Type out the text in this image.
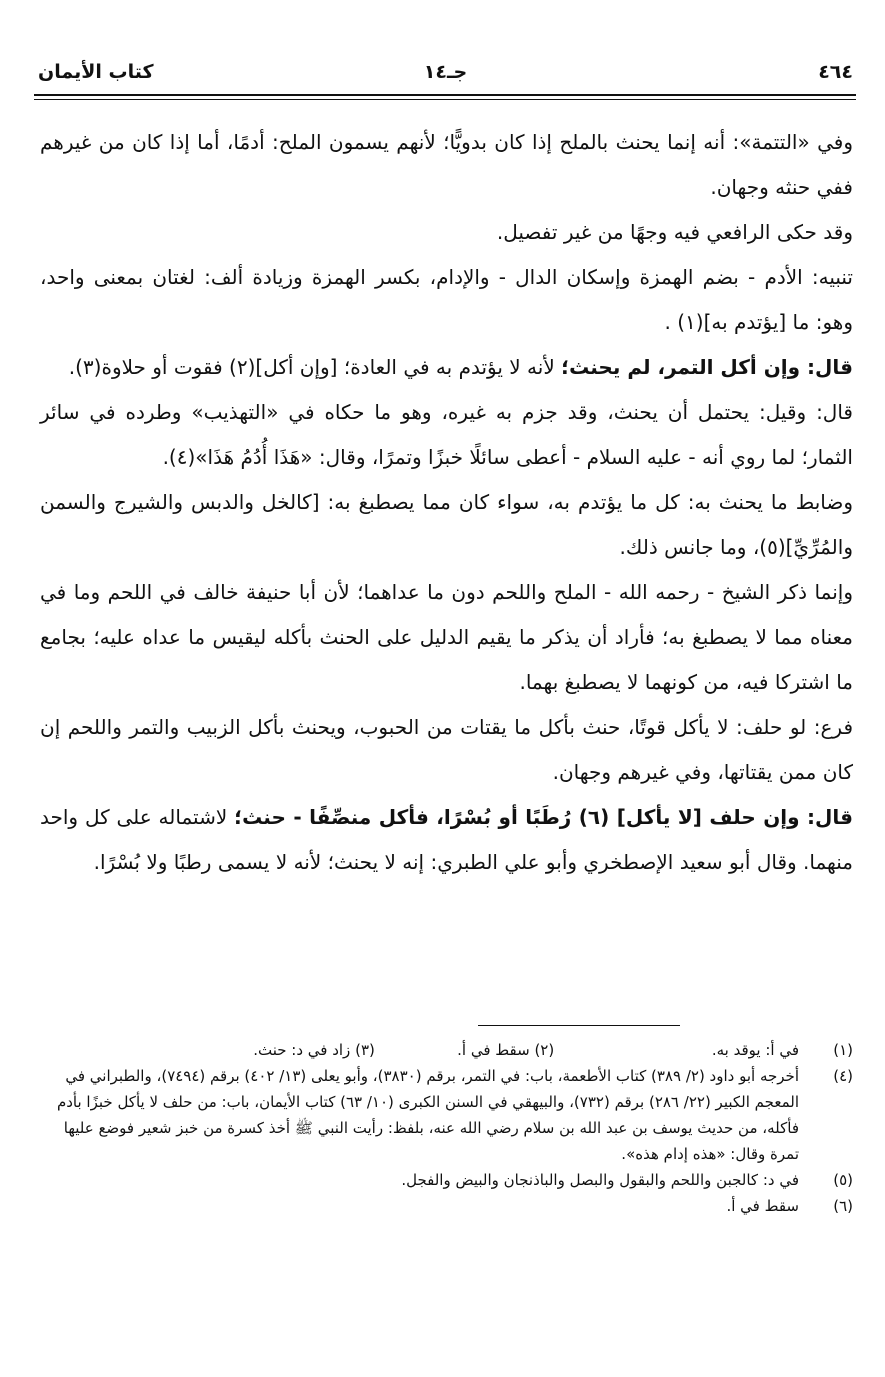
٤٦٤
جـ١٤
كتاب الأيمان

وفي «التتمة»: أنه إنما يحنث بالملح إذا كان بدويًّا؛ لأنهم يسمون الملح: أدمًا، أما إذا كان من غيرهم ففي حنثه وجهان.

وقد حكى الرافعي فيه وجهًا من غير تفصيل.

تنبيه: الأدم - بضم الهمزة وإسكان الدال - والإدام، بكسر الهمزة وزيادة ألف: لغتان بمعنى واحد، وهو: ما [يؤتدم به](١) .

قال: وإن أكل التمر، لم يحنث؛ لأنه لا يؤتدم به في العادة؛ [وإن أكل](٢) فقوت أو حلاوة(٣).

قال: وقيل: يحتمل أن يحنث، وقد جزم به غيره، وهو ما حكاه في «التهذيب» وطرده في سائر الثمار؛ لما روي أنه - عليه السلام - أعطى سائلًا خبزًا وتمرًا، وقال: «هَذَا أُدُمُ هَذَا»(٤).

وضابط ما يحنث به: كل ما يؤتدم به، سواء كان مما يصطبغ به: [كالخل والدبس والشيرج والسمن والمُرِّيِّ](٥)، وما جانس ذلك.

وإنما ذكر الشيخ - رحمه الله - الملح واللحم دون ما عداهما؛ لأن أبا حنيفة خالف في اللحم وما في معناه مما لا يصطبغ به؛ فأراد أن يذكر ما يقيم الدليل على الحنث بأكله ليقيس ما عداه عليه؛ بجامع ما اشتركا فيه، من كونهما لا يصطبغ بهما.

فرع: لو حلف: لا يأكل قوتًا، حنث بأكل ما يقتات من الحبوب، ويحنث بأكل الزبيب والتمر واللحم إن كان ممن يقتاتها، وفي غيرهم وجهان.

قال: وإن حلف [لا يأكل] (٦) رُطَبًا أو بُسْرًا، فأكل منصِّفًا - حنث؛ لاشتماله على كل واحد منهما. وقال أبو سعيد الإصطخري وأبو علي الطبري: إنه لا يحنث؛ لأنه لا يسمى رطبًا ولا بُسْرًا.

(١)
في أ: يوقد به. (٢) سقط في أ. (٣) زاد في د: حنث.
(٤)
أخرجه أبو داود (٢/ ٣٨٩) كتاب الأطعمة، باب: في التمر، برقم (٣٨٣٠)، وأبو يعلى (١٣/ ٤٠٢) برقم (٧٤٩٤)، والطبراني في المعجم الكبير (٢٢/ ٢٨٦) برقم (٧٣٢)، والبيهقي في السنن الكبرى (١٠/ ٦٣) كتاب الأيمان، باب: من حلف لا يأكل خبزًا بأدم فأكله، من حديث يوسف بن عبد الله بن سلام رضي الله عنه، بلفظ: رأيت النبي ﷺ أخذ كسرة من خبز شعير فوضع عليها تمرة وقال: «هذه إدام هذه».
(٥)
في د: كالجبن واللحم والبقول والبصل والباذنجان والبيض والفجل.
(٦)
سقط في أ.
